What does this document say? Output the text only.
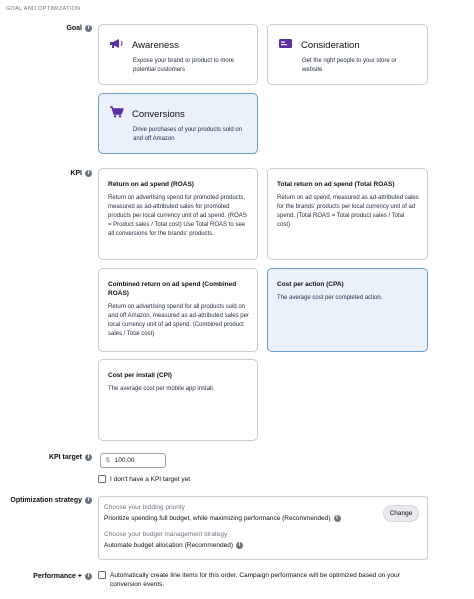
GOAL AND OPTIMIZATION
Goal	i
Awareness
Expose your brand or product to more potential customers
Consideration
Get the right people to your store or website
Conversions
Drive purchases of your products sold on and off Amazon
KPI	i
Return on ad spend (ROAS)
Return on advertising spend for promoted products, measured as ad-attributed sales for promoted products per local currency unit of ad spend. (ROAS = Product sales / Total cost) Use Total ROAS to see all conversions for the brands' products.
Total return on ad spend (Total ROAS)
Return on ad spend, measured as ad-attributed sales for the brands' products per local currency unit of ad spend. (Total ROAS = Total product sales / Total cost)
Combined return on ad spend (Combined ROAS)
Return on advertising spend for all products sold on and off Amazon, measured as ad-attributed sales per local currency unit of ad spend. (Combined product sales / Total cost)
Cost per action (CPA)
The average cost per completed action.
Cost per install (CPI)
The average cost per mobile app install.
KPI target	i
$ 100.00
I don't have a KPI target yet
Optimization strategy	i
Choose your bidding priority
Prioritize spending full budget, while maximizing performance (Recommended)	i
Choose your budget management strategy
Automate budget allocation (Recommended)	i
Change
Performance +	i	Automatically create line items for this order. Campaign performance will be optimized based on your conversion events.
